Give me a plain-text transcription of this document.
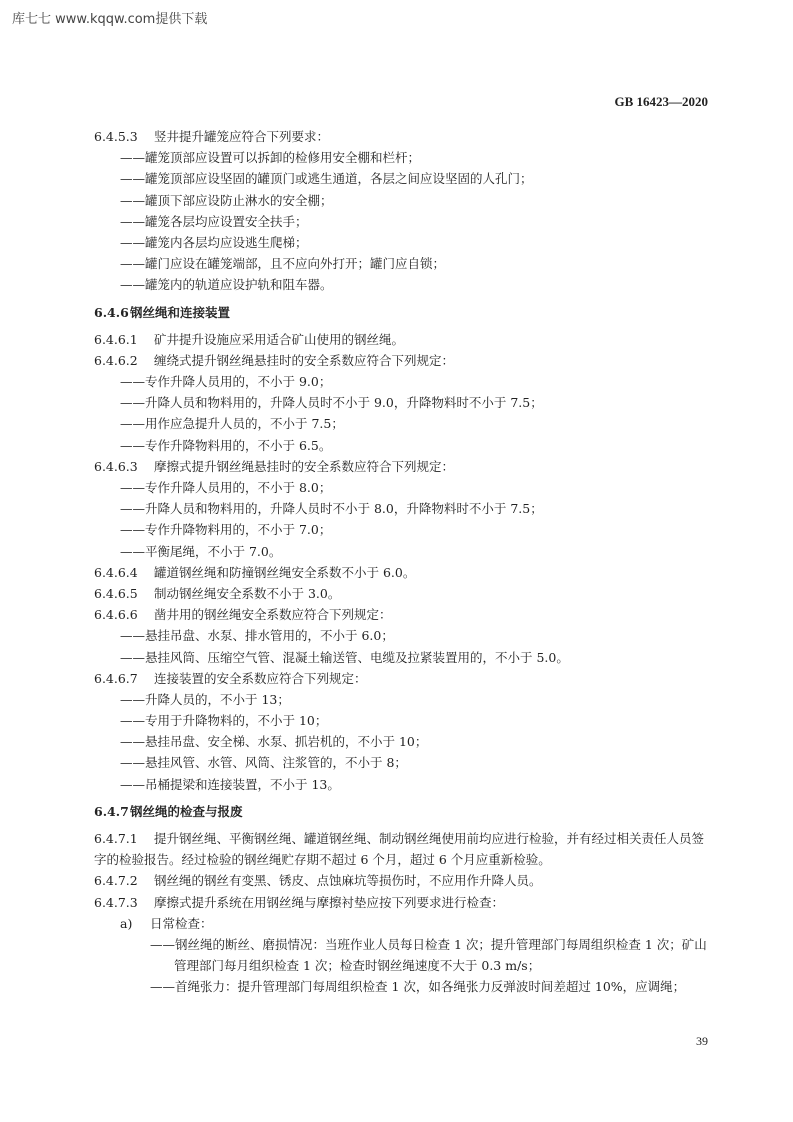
库七七 www.kqqw.com提供下载
GB 16423—2020
6.4.5.3 竖井提升罐笼应符合下列要求：
——罐笼顶部应设置可以拆卸的检修用安全棚和栏杆；
——罐笼顶部应设坚固的罐顶门或逃生通道，各层之间应设坚固的人孔门；
——罐顶下部应设防止淋水的安全棚；
——罐笼各层均应设置安全扶手；
——罐笼内各层均应设逃生爬梯；
——罐门应设在罐笼端部，且不应向外打开；罐门应自锁；
——罐笼内的轨道应设护轨和阻车器。
6.4.6钢丝绳和连接装置
6.4.6.1 矿井提升设施应采用适合矿山使用的钢丝绳。
6.4.6.2 缠绕式提升钢丝绳悬挂时的安全系数应符合下列规定：
——专作升降人员用的，不小于 9.0；
——升降人员和物料用的，升降人员时不小于 9.0，升降物料时不小于 7.5；
——用作应急提升人员的，不小于 7.5；
——专作升降物料用的，不小于 6.5。
6.4.6.3 摩擦式提升钢丝绳悬挂时的安全系数应符合下列规定：
——专作升降人员用的，不小于 8.0；
——升降人员和物料用的，升降人员时不小于 8.0，升降物料时不小于 7.5；
——专作升降物料用的，不小于 7.0；
——平衡尾绳，不小于 7.0。
6.4.6.4 罐道钢丝绳和防撞钢丝绳安全系数不小于 6.0。
6.4.6.5 制动钢丝绳安全系数不小于 3.0。
6.4.6.6 凿井用的钢丝绳安全系数应符合下列规定：
——悬挂吊盘、水泵、排水管用的，不小于 6.0；
——悬挂风筒、压缩空气管、混凝土输送管、电缆及拉紧装置用的，不小于 5.0。
6.4.6.7 连接装置的安全系数应符合下列规定：
——升降人员的，不小于 13；
——专用于升降物料的，不小于 10；
——悬挂吊盘、安全梯、水泵、抓岩机的，不小于 10；
——悬挂风管、水管、风筒、注浆管的，不小于 8；
——吊桶提梁和连接装置，不小于 13。
6.4.7钢丝绳的检查与报废
6.4.7.1 提升钢丝绳、平衡钢丝绳、罐道钢丝绳、制动钢丝绳使用前均应进行检验，并有经过相关责任人员签字的检验报告。经过检验的钢丝绳贮存期不超过 6 个月，超过 6 个月应重新检验。
6.4.7.2 钢丝绳的钢丝有变黑、锈皮、点蚀麻坑等损伤时，不应用作升降人员。
6.4.7.3 摩擦式提升系统在用钢丝绳与摩擦衬垫应按下列要求进行检查：
a) 日常检查：
——钢丝绳的断丝、磨损情况：当班作业人员每日检查 1 次；提升管理部门每周组织检查 1 次；矿山管理部门每月组织检查 1 次；检查时钢丝绳速度不大于 0.3 m/s；
——首绳张力：提升管理部门每周组织检查 1 次，如各绳张力反弹波时间差超过 10%，应调绳；
39
